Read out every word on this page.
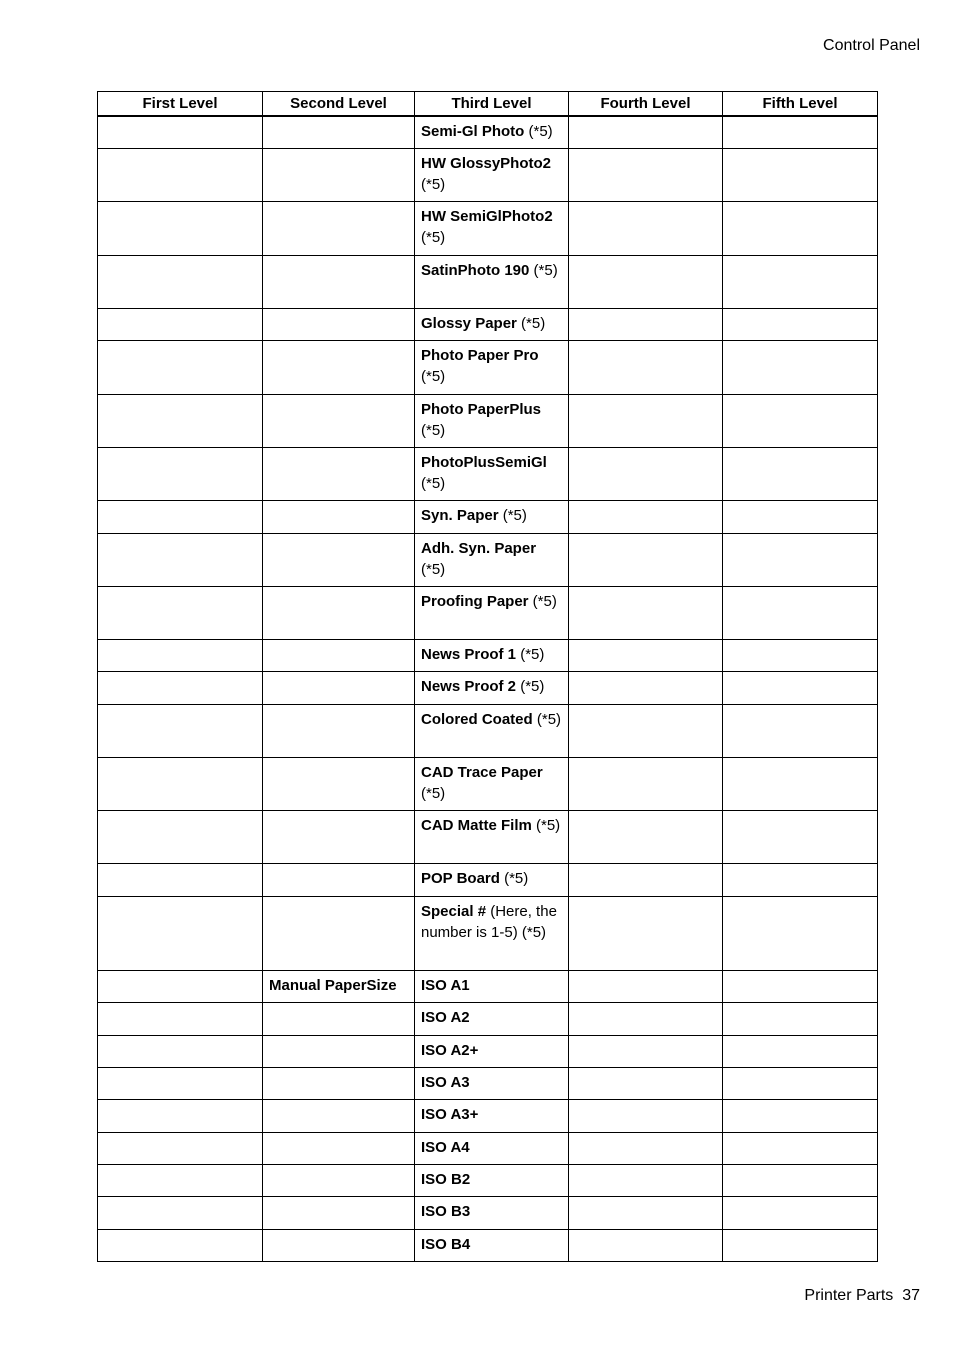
Control Panel
First Level	Second Level	Third Level	Fourth Level	Fifth Level
		Semi-Gl Photo (*5)		
		HW GlossyPhoto2 (*5)		
		HW SemiGlPhoto2 (*5)		
		SatinPhoto 190 (*5)		
		Glossy Paper (*5)		
		Photo Paper Pro (*5)		
		Photo PaperPlus (*5)		
		PhotoPlusSemiGl (*5)		
		Syn. Paper (*5)		
		Adh. Syn. Paper (*5)		
		Proofing Paper (*5)		
		News Proof 1 (*5)		
		News Proof 2 (*5)		
		Colored Coated (*5)		
		CAD Trace Paper (*5)		
		CAD Matte Film (*5)		
		POP Board (*5)		
		Special # (Here, the number is 1-5) (*5)		
	Manual PaperSize	ISO A1		
		ISO A2		
		ISO A2+		
		ISO A3		
		ISO A3+		
		ISO A4		
		ISO B2		
		ISO B3		
		ISO B4		
Printer Parts 37
